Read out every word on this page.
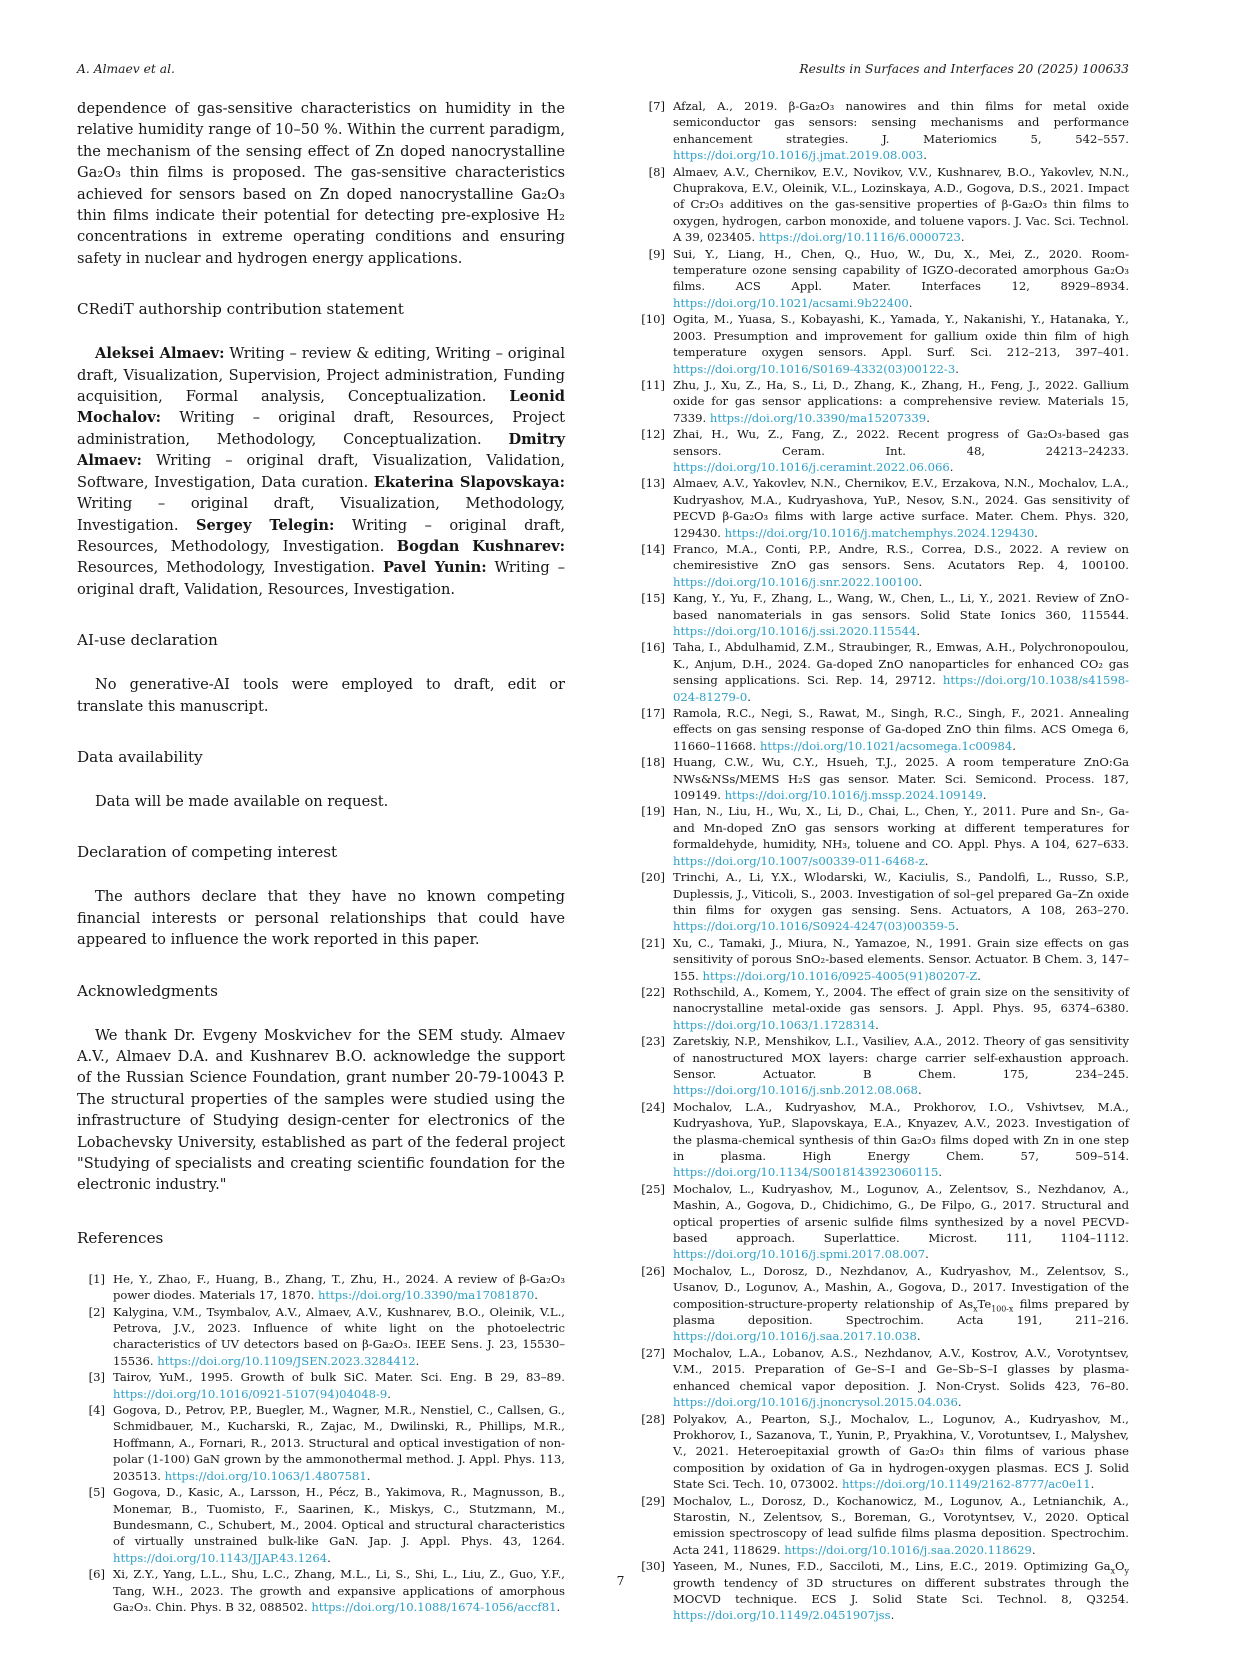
A. Almaev et al.	Results in Surfaces and Interfaces 20 (2025) 100633

dependence of gas-sensitive characteristics on humidity in the relative humidity range of 10–50 %. Within the current paradigm, the mechanism of the sensing effect of Zn doped nanocrystalline Ga₂O₃ thin films is proposed. The gas-sensitive characteristics achieved for sensors based on Zn doped nanocrystalline Ga₂O₃ thin films indicate their potential for detecting pre-explosive H₂ concentrations in extreme operating conditions and ensuring safety in nuclear and hydrogen energy applications.

CRediT authorship contribution statement

Aleksei Almaev: Writing – review & editing, Writing – original draft, Visualization, Supervision, Project administration, Funding acquisition, Formal analysis, Conceptualization. Leonid Mochalov: Writing – original draft, Resources, Project administration, Methodology, Conceptualization. Dmitry Almaev: Writing – original draft, Visualization, Validation, Software, Investigation, Data curation. Ekaterina Slapovskaya: Writing – original draft, Visualization, Methodology, Investigation. Sergey Telegin: Writing – original draft, Resources, Methodology, Investigation. Bogdan Kushnarev: Resources, Methodology, Investigation. Pavel Yunin: Writing – original draft, Validation, Resources, Investigation.

AI-use declaration

No generative-AI tools were employed to draft, edit or translate this manuscript.

Data availability

Data will be made available on request.

Declaration of competing interest

The authors declare that they have no known competing financial interests or personal relationships that could have appeared to influence the work reported in this paper.

Acknowledgments

We thank Dr. Evgeny Moskvichev for the SEM study. Almaev A.V., Almaev D.A. and Kushnarev B.O. acknowledge the support of the Russian Science Foundation, grant number 20-79-10043 P. The structural properties of the samples were studied using the infrastructure of Studying design-center for electronics of the Lobachevsky University, established as part of the federal project "Studying of specialists and creating scientific foundation for the electronic industry."

References
[1] He, Y., Zhao, F., Huang, B., Zhang, T., Zhu, H., 2024. A review of β-Ga₂O₃ power diodes. Materials 17, 1870. https://doi.org/10.3390/ma17081870.
[2] Kalygina, V.M., Tsymbalov, A.V., Almaev, A.V., Kushnarev, B.O., Oleinik, V.L., Petrova, J.V., 2023. Influence of white light on the photoelectric characteristics of UV detectors based on β-Ga₂O₃. IEEE Sens. J. 23, 15530–15536. https://doi.org/10.1109/JSEN.2023.3284412.
[3] Tairov, YuM., 1995. Growth of bulk SiC. Mater. Sci. Eng. B 29, 83–89. https://doi.org/10.1016/0921-5107(94)04048-9.
[4] Gogova, D., Petrov, P.P., Buegler, M., Wagner, M.R., Nenstiel, C., Callsen, G., Schmidbauer, M., Kucharski, R., Zajac, M., Dwilinski, R., Phillips, M.R., Hoffmann, A., Fornari, R., 2013. Structural and optical investigation of non-polar (1-100) GaN grown by the ammonothermal method. J. Appl. Phys. 113, 203513. https://doi.org/10.1063/1.4807581.
[5] Gogova, D., Kasic, A., Larsson, H., Pécz, B., Yakimova, R., Magnusson, B., Monemar, B., Tuomisto, F., Saarinen, K., Miskys, C., Stutzmann, M., Bundesmann, C., Schubert, M., 2004. Optical and structural characteristics of virtually unstrained bulk-like GaN. Jap. J. Appl. Phys. 43, 1264. https://doi.org/10.1143/JJAP.43.1264.
[6] Xi, Z.Y., Yang, L.L., Shu, L.C., Zhang, M.L., Li, S., Shi, L., Liu, Z., Guo, Y.F., Tang, W.H., 2023. The growth and expansive applications of amorphous Ga₂O₃. Chin. Phys. B 32, 088502. https://doi.org/10.1088/1674-1056/accf81.
[7] Afzal, A., 2019. β-Ga₂O₃ nanowires and thin films for metal oxide semiconductor gas sensors: sensing mechanisms and performance enhancement strategies. J. Materiomics 5, 542–557. https://doi.org/10.1016/j.jmat.2019.08.003.
[8] Almaev, A.V., Chernikov, E.V., Novikov, V.V., Kushnarev, B.O., Yakovlev, N.N., Chuprakova, E.V., Oleinik, V.L., Lozinskaya, A.D., Gogova, D.S., 2021. Impact of Cr₂O₃ additives on the gas-sensitive properties of β-Ga₂O₃ thin films to oxygen, hydrogen, carbon monoxide, and toluene vapors. J. Vac. Sci. Technol. A 39, 023405. https://doi.org/10.1116/6.0000723.
[9] Sui, Y., Liang, H., Chen, Q., Huo, W., Du, X., Mei, Z., 2020. Room-temperature ozone sensing capability of IGZO-decorated amorphous Ga₂O₃ films. ACS Appl. Mater. Interfaces 12, 8929–8934. https://doi.org/10.1021/acsami.9b22400.
[10] Ogita, M., Yuasa, S., Kobayashi, K., Yamada, Y., Nakanishi, Y., Hatanaka, Y., 2003. Presumption and improvement for gallium oxide thin film of high temperature oxygen sensors. Appl. Surf. Sci. 212–213, 397–401. https://doi.org/10.1016/S0169-4332(03)00122-3.
[11] Zhu, J., Xu, Z., Ha, S., Li, D., Zhang, K., Zhang, H., Feng, J., 2022. Gallium oxide for gas sensor applications: a comprehensive review. Materials 15, 7339. https://doi.org/10.3390/ma15207339.
[12] Zhai, H., Wu, Z., Fang, Z., 2022. Recent progress of Ga₂O₃-based gas sensors. Ceram. Int. 48, 24213–24233. https://doi.org/10.1016/j.ceramint.2022.06.066.
[13] Almaev, A.V., Yakovlev, N.N., Chernikov, E.V., Erzakova, N.N., Mochalov, L.A., Kudryashov, M.A., Kudryashova, YuP., Nesov, S.N., 2024. Gas sensitivity of PECVD β-Ga₂O₃ films with large active surface. Mater. Chem. Phys. 320, 129430. https://doi.org/10.1016/j.matchemphys.2024.129430.
[14] Franco, M.A., Conti, P.P., Andre, R.S., Correa, D.S., 2022. A review on chemiresistive ZnO gas sensors. Sens. Acutators Rep. 4, 100100. https://doi.org/10.1016/j.snr.2022.100100.
[15] Kang, Y., Yu, F., Zhang, L., Wang, W., Chen, L., Li, Y., 2021. Review of ZnO-based nanomaterials in gas sensors. Solid State Ionics 360, 115544. https://doi.org/10.1016/j.ssi.2020.115544.
[16] Taha, I., Abdulhamid, Z.M., Straubinger, R., Emwas, A.H., Polychronopoulou, K., Anjum, D.H., 2024. Ga-doped ZnO nanoparticles for enhanced CO₂ gas sensing applications. Sci. Rep. 14, 29712. https://doi.org/10.1038/s41598-024-81279-0.
[17] Ramola, R.C., Negi, S., Rawat, M., Singh, R.C., Singh, F., 2021. Annealing effects on gas sensing response of Ga-doped ZnO thin films. ACS Omega 6, 11660–11668. https://doi.org/10.1021/acsomega.1c00984.
[18] Huang, C.W., Wu, C.Y., Hsueh, T.J., 2025. A room temperature ZnO:Ga NWs&NSs/MEMS H₂S gas sensor. Mater. Sci. Semicond. Process. 187, 109149. https://doi.org/10.1016/j.mssp.2024.109149.
[19] Han, N., Liu, H., Wu, X., Li, D., Chai, L., Chen, Y., 2011. Pure and Sn-, Ga- and Mn-doped ZnO gas sensors working at different temperatures for formaldehyde, humidity, NH₃, toluene and CO. Appl. Phys. A 104, 627–633. https://doi.org/10.1007/s00339-011-6468-z.
[20] Trinchi, A., Li, Y.X., Wlodarski, W., Kaciulis, S., Pandolfi, L., Russo, S.P., Duplessis, J., Viticoli, S., 2003. Investigation of sol–gel prepared Ga–Zn oxide thin films for oxygen gas sensing. Sens. Actuators, A 108, 263–270. https://doi.org/10.1016/S0924-4247(03)00359-5.
[21] Xu, C., Tamaki, J., Miura, N., Yamazoe, N., 1991. Grain size effects on gas sensitivity of porous SnO₂-based elements. Sensor. Actuator. B Chem. 3, 147–155. https://doi.org/10.1016/0925-4005(91)80207-Z.
[22] Rothschild, A., Komem, Y., 2004. The effect of grain size on the sensitivity of nanocrystalline metal-oxide gas sensors. J. Appl. Phys. 95, 6374–6380. https://doi.org/10.1063/1.1728314.
[23] Zaretskiy, N.P., Menshikov, L.I., Vasiliev, A.A., 2012. Theory of gas sensitivity of nanostructured MOX layers: charge carrier self-exhaustion approach. Sensor. Actuator. B Chem. 175, 234–245. https://doi.org/10.1016/j.snb.2012.08.068.
[24] Mochalov, L.A., Kudryashov, M.A., Prokhorov, I.O., Vshivtsev, M.A., Kudryashova, YuP., Slapovskaya, E.A., Knyazev, A.V., 2023. Investigation of the plasma-chemical synthesis of thin Ga₂O₃ films doped with Zn in one step in plasma. High Energy Chem. 57, 509–514. https://doi.org/10.1134/S0018143923060115.
[25] Mochalov, L., Kudryashov, M., Logunov, A., Zelentsov, S., Nezhdanov, A., Mashin, A., Gogova, D., Chidichimo, G., De Filpo, G., 2017. Structural and optical properties of arsenic sulfide films synthesized by a novel PECVD-based approach. Superlattice. Microst. 111, 1104–1112. https://doi.org/10.1016/j.spmi.2017.08.007.
[26] Mochalov, L., Dorosz, D., Nezhdanov, A., Kudryashov, M., Zelentsov, S., Usanov, D., Logunov, A., Mashin, A., Gogova, D., 2017. Investigation of the composition-structure-property relationship of $As_xTe_{100-x}$ films prepared by plasma deposition. Spectrochim. Acta 191, 211–216. https://doi.org/10.1016/j.saa.2017.10.038.
[27] Mochalov, L.A., Lobanov, A.S., Nezhdanov, A.V., Kostrov, A.V., Vorotyntsev, V.M., 2015. Preparation of Ge–S–I and Ge–Sb–S–I glasses by plasma-enhanced chemical vapor deposition. J. Non-Cryst. Solids 423, 76–80. https://doi.org/10.1016/j.jnoncrysol.2015.04.036.
[28] Polyakov, A., Pearton, S.J., Mochalov, L., Logunov, A., Kudryashov, M., Prokhorov, I., Sazanova, T., Yunin, P., Pryakhina, V., Vorotuntsev, I., Malyshev, V., 2021. Heteroepitaxial growth of Ga₂O₃ thin films of various phase composition by oxidation of Ga in hydrogen-oxygen plasmas. ECS J. Solid State Sci. Tech. 10, 073002. https://doi.org/10.1149/2162-8777/ac0e11.
[29] Mochalov, L., Dorosz, D., Kochanowicz, M., Logunov, A., Letnianchik, A., Starostin, N., Zelentsov, S., Boreman, G., Vorotyntsev, V., 2020. Optical emission spectroscopy of lead sulfide films plasma deposition. Spectrochim. Acta 241, 118629. https://doi.org/10.1016/j.saa.2020.118629.
[30] Yaseen, M., Nunes, F.D., Sacciloti, M., Lins, E.C., 2019. Optimizing $Ga_xO_y$ growth tendency of 3D structures on different substrates through the MOCVD technique. ECS J. Solid State Sci. Technol. 8, Q3254. https://doi.org/10.1149/2.0451907jss.
7
